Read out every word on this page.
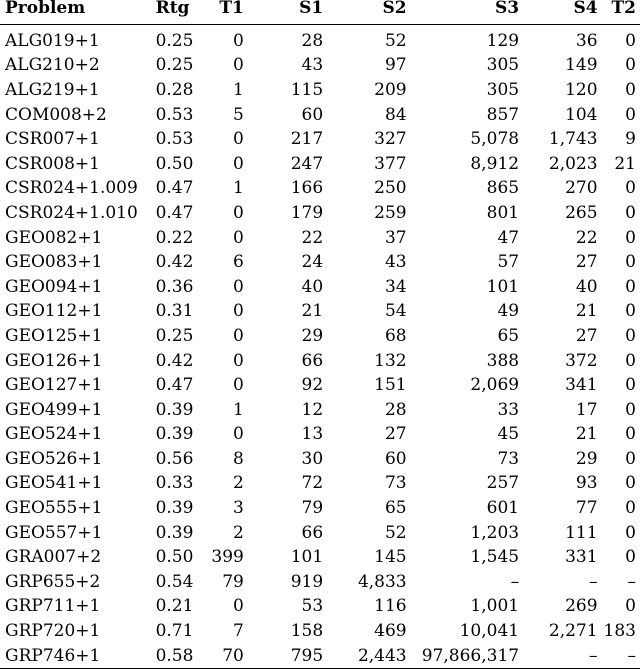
Problem	Rtg	T1	S1	S2	S3	S4	T2
ALG019+1	0.25	0	28	52	129	36	0
ALG210+2	0.25	0	43	97	305	149	0
ALG219+1	0.28	1	115	209	305	120	0
COM008+2	0.53	5	60	84	857	104	0
CSR007+1	0.53	0	217	327	5,078	1,743	9
CSR008+1	0.50	0	247	377	8,912	2,023	21
CSR024+1.009	0.47	1	166	250	865	270	0
CSR024+1.010	0.47	0	179	259	801	265	0
GEO082+1	0.22	0	22	37	47	22	0
GEO083+1	0.42	6	24	43	57	27	0
GEO094+1	0.36	0	40	34	101	40	0
GEO112+1	0.31	0	21	54	49	21	0
GEO125+1	0.25	0	29	68	65	27	0
GEO126+1	0.42	0	66	132	388	372	0
GEO127+1	0.47	0	92	151	2,069	341	0
GEO499+1	0.39	1	12	28	33	17	0
GEO524+1	0.39	0	13	27	45	21	0
GEO526+1	0.56	8	30	60	73	29	0
GEO541+1	0.33	2	72	73	257	93	0
GEO555+1	0.39	3	79	65	601	77	0
GEO557+1	0.39	2	66	52	1,203	111	0
GRA007+2	0.50	399	101	145	1,545	331	0
GRP655+2	0.54	79	919	4,833	–	–	–
GRP711+1	0.21	0	53	116	1,001	269	0
GRP720+1	0.71	7	158	469	10,041	2,271	183
GRP746+1	0.58	70	795	2,443	97,866,317	–	–
